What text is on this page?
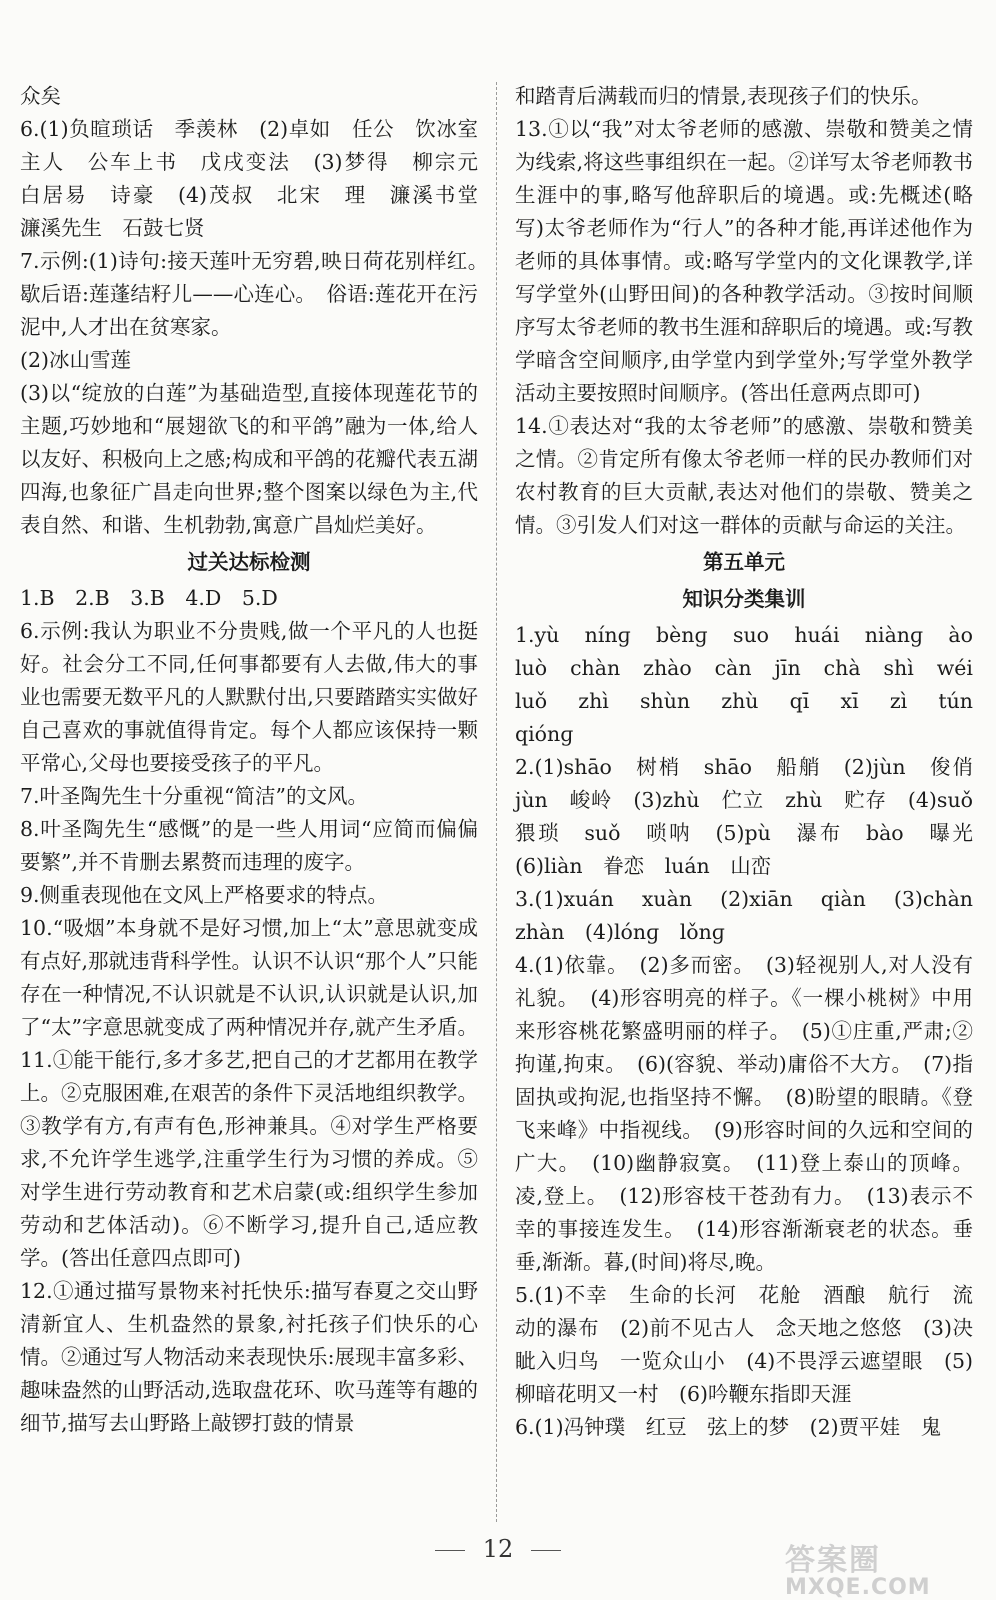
众矣

6.(1)负暄琐话　季羡林　(2)卓如　任公　饮冰室主人　公车上书　戊戌变法　(3)梦得　柳宗元　白居易　诗豪　(4)茂叔　北宋　理　濂溪书堂　濂溪先生　石鼓七贤

7.示例:(1)诗句:接天莲叶无穷碧,映日荷花别样红。　歇后语:莲蓬结籽儿——心连心。　俗语:莲花开在污泥中,人才出在贫寒家。

(2)冰山雪莲

(3)以“绽放的白莲”为基础造型,直接体现莲花节的主题,巧妙地和“展翅欲飞的和平鸽”融为一体,给人以友好、积极向上之感;构成和平鸽的花瓣代表五湖四海,也象征广昌走向世界;整个图案以绿色为主,代表自然、和谐、生机勃勃,寓意广昌灿烂美好。

过关达标检测

1.B　2.B　3.B　4.D　5.D

6.示例:我认为职业不分贵贱,做一个平凡的人也挺好。社会分工不同,任何事都要有人去做,伟大的事业也需要无数平凡的人默默付出,只要踏踏实实做好自己喜欢的事就值得肯定。每个人都应该保持一颗平常心,父母也要接受孩子的平凡。

7.叶圣陶先生十分重视“简洁”的文风。

8.叶圣陶先生“感慨”的是一些人用词“应简而偏偏要繁”,并不肯删去累赘而违理的废字。

9.侧重表现他在文风上严格要求的特点。

10.“吸烟”本身就不是好习惯,加上“太”意思就变成有点好,那就违背科学性。认识不认识“那个人”只能存在一种情况,不认识就是不认识,认识就是认识,加了“太”字意思就变成了两种情况并存,就产生矛盾。

11.①能干能行,多才多艺,把自己的才艺都用在教学上。②克服困难,在艰苦的条件下灵活地组织教学。③教学有方,有声有色,形神兼具。④对学生严格要求,不允许学生逃学,注重学生行为习惯的养成。⑤对学生进行劳动教育和艺术启蒙(或:组织学生参加劳动和艺体活动)。⑥不断学习,提升自己,适应教学。(答出任意四点即可)

12.①通过描写景物来衬托快乐:描写春夏之交山野清新宜人、生机盎然的景象,衬托孩子们快乐的心情。②通过写人物活动来表现快乐:展现丰富多彩、趣味盎然的山野活动,选取盘花环、吹马莲等有趣的细节,描写去山野路上敲锣打鼓的情景

和踏青后满载而归的情景,表现孩子们的快乐。

13.①以“我”对太爷老师的感激、崇敬和赞美之情为线索,将这些事组织在一起。②详写太爷老师教书生涯中的事,略写他辞职后的境遇。或:先概述(略写)太爷老师作为“行人”的各种才能,再详述他作为老师的具体事情。或:略写学堂内的文化课教学,详写学堂外(山野田间)的各种教学活动。③按时间顺序写太爷老师的教书生涯和辞职后的境遇。或:写教学暗含空间顺序,由学堂内到学堂外;写学堂外教学活动主要按照时间顺序。(答出任意两点即可)

14.①表达对“我的太爷老师”的感激、崇敬和赞美之情。②肯定所有像太爷老师一样的民办教师们对农村教育的巨大贡献,表达对他们的崇敬、赞美之情。③引发人们对这一群体的贡献与命运的关注。

第五单元

知识分类集训

1.yù　nínɡ　bènɡ　suo　huái　niànɡ　ào　luò　chàn　zhào　càn　jīn　chà　shì　wéi　luǒ　zhì　shùn　zhù　qī　xī　zì　tún　qiónɡ

2.(1)shāo　树梢　shāo　船艄　(2)jùn　俊俏　jùn　峻岭　(3)zhù　伫立　zhù　贮存　(4)suǒ　猥琐　suǒ　唢呐　(5)pù　瀑布　bào　曝光　(6)liàn　眷恋　luán　山峦

3.(1)xuán　xuàn　(2)xiān　qiàn　(3)chàn　zhàn　(4)lónɡ　lǒnɡ

4.(1)依靠。　(2)多而密。　(3)轻视别人,对人没有礼貌。　(4)形容明亮的样子。《一棵小桃树》中用来形容桃花繁盛明丽的样子。　(5)①庄重,严肃;②拘谨,拘束。　(6)(容貌、举动)庸俗不大方。　(7)指固执或拘泥,也指坚持不懈。　(8)盼望的眼睛。《登飞来峰》中指视线。　(9)形容时间的久远和空间的广大。　(10)幽静寂寞。　(11)登上泰山的顶峰。凌,登上。　(12)形容枝干苍劲有力。　(13)表示不幸的事接连发生。　(14)形容渐渐衰老的状态。垂垂,渐渐。暮,(时间)将尽,晚。

5.(1)不幸　生命的长河　花舱　酒酿　航行　流动的瀑布　(2)前不见古人　念天地之悠悠　(3)决眦入归鸟　一览众山小　(4)不畏浮云遮望眼　(5)柳暗花明又一村　(6)吟鞭东指即天涯

6.(1)冯钟璞　红豆　弦上的梦　(2)贾平娃　鬼

12	答案圈
MXQE.COM
